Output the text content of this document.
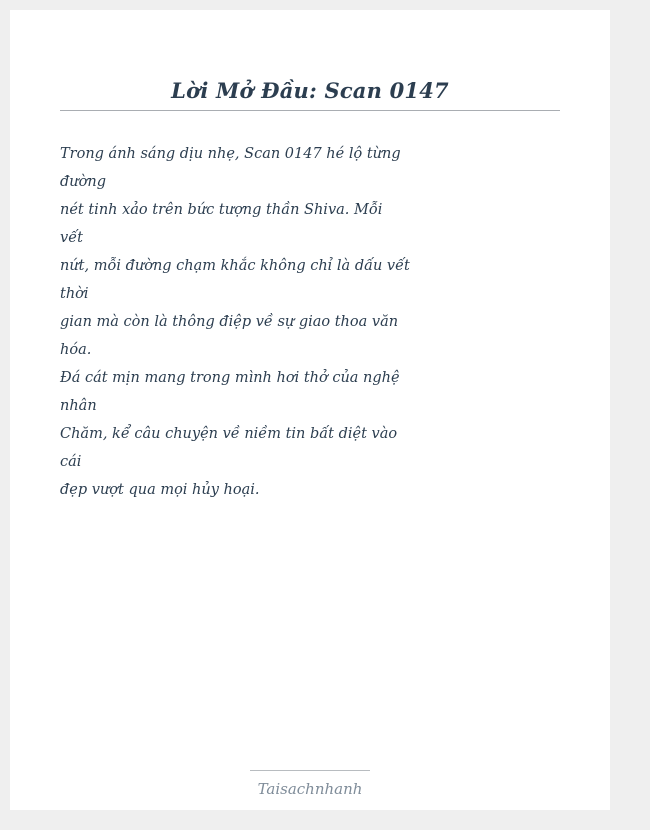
Lời Mở Đầu: Scan 0147

Trong ánh sáng dịu nhẹ, Scan 0147 hé lộ từng
đường
nét tinh xảo trên bức tượng thần Shiva. Mỗi
vết
nứt, mỗi đường chạm khắc không chỉ là dấu vết
thời
gian mà còn là thông điệp về sự giao thoa văn
hóa.
Đá cát mịn mang trong mình hơi thở của nghệ
nhân
Chăm, kể câu chuyện về niềm tin bất diệt vào
cái
đẹp vượt qua mọi hủy hoại.

Taisachnhanh
